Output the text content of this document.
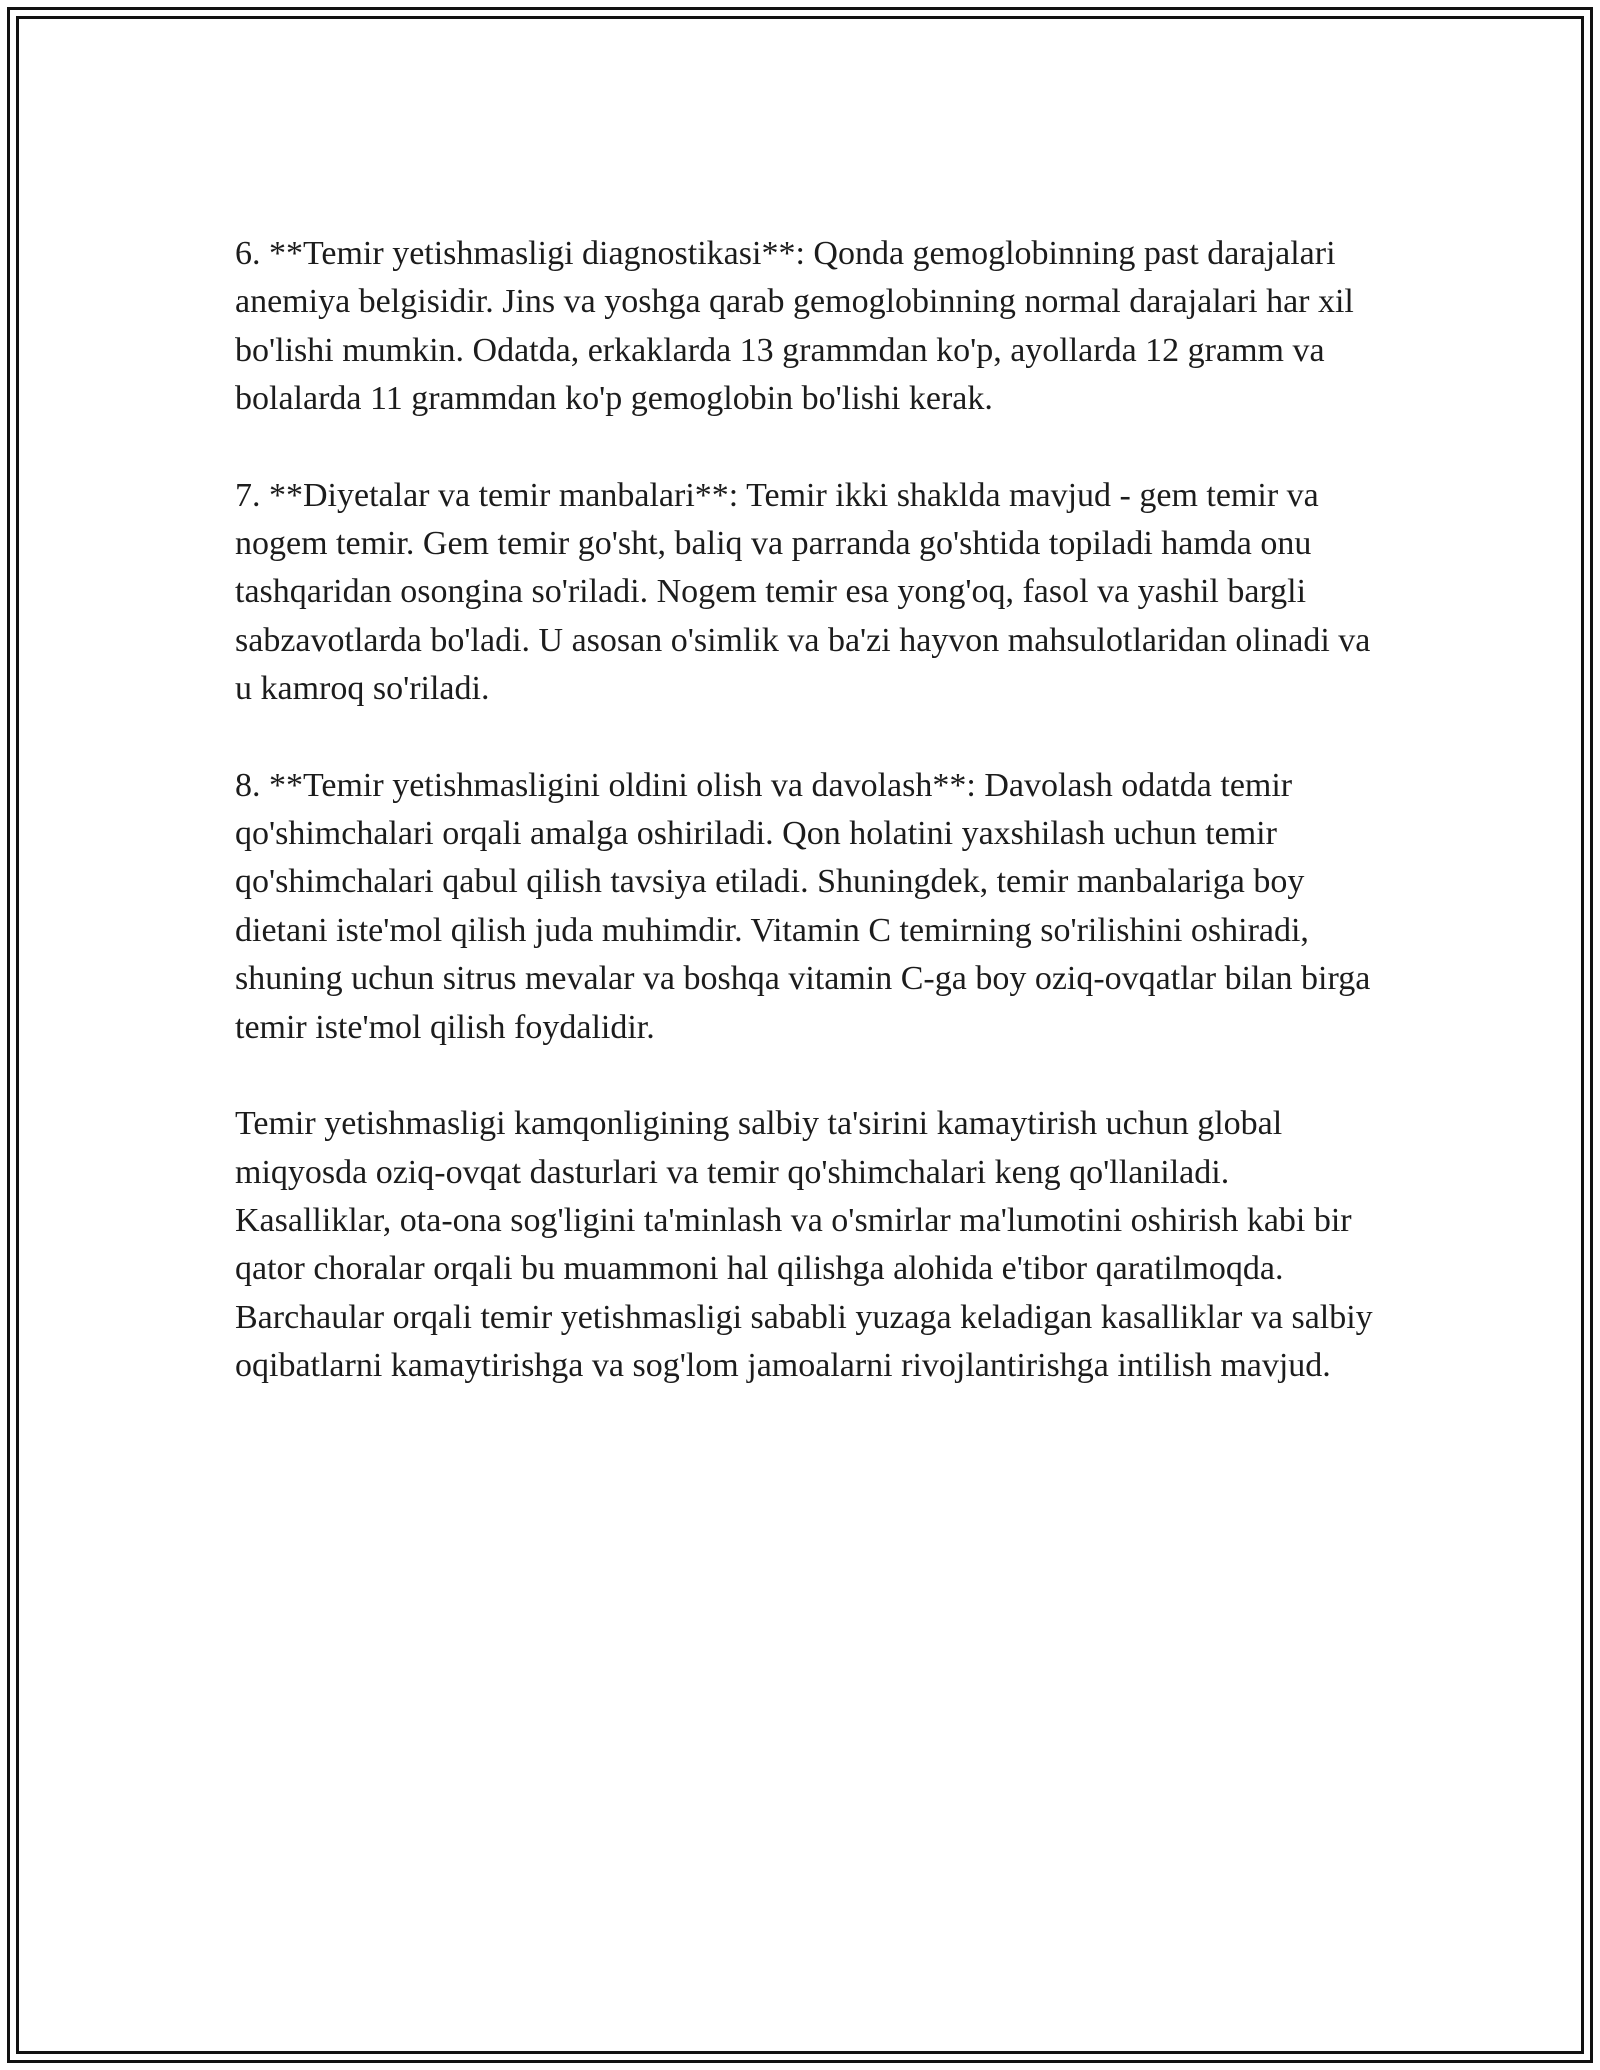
6. **Temir yetishmasligi diagnostikasi**: Qonda gemoglobinning past darajalari anemiya belgisidir. Jins va yoshga qarab gemoglobinning normal darajalari har xil bo'lishi mumkin. Odatda, erkaklarda 13 grammdan ko'p, ayollarda 12 gramm va bolalarda 11 grammdan ko'p gemoglobin bo'lishi kerak.

7. **Diyetalar va temir manbalari**: Temir ikki shaklda mavjud - gem temir va nogem temir. Gem temir go'sht, baliq va parranda go'shtida topiladi hamda onu tashqaridan osongina so'riladi. Nogem temir esa yong'oq, fasol va yashil bargli sabzavotlarda bo'ladi. U asosan o'simlik va ba'zi hayvon mahsulotlaridan olinadi va u kamroq so'riladi.

8. **Temir yetishmasligini oldini olish va davolash**: Davolash odatda temir qo'shimchalari orqali amalga oshiriladi. Qon holatini yaxshilash uchun temir qo'shimchalari qabul qilish tavsiya etiladi. Shuningdek, temir manbalariga boy dietani iste'mol qilish juda muhimdir. Vitamin C temirning so'rilishini oshiradi, shuning uchun sitrus mevalar va boshqa vitamin C-ga boy oziq-ovqatlar bilan birga temir iste'mol qilish foydalidir.

Temir yetishmasligi kamqonligining salbiy ta'sirini kamaytirish uchun global miqyosda oziq-ovqat dasturlari va temir qo'shimchalari keng qo'llaniladi. Kasalliklar, ota-ona sog'ligini ta'minlash va o'smirlar ma'lumotini oshirish kabi bir qator choralar orqali bu muammoni hal qilishga alohida e'tibor qaratilmoqda. Barchaular orqali temir yetishmasligi sababli yuzaga keladigan kasalliklar va salbiy oqibatlarni kamaytirishga va sog'lom jamoalarni rivojlantirishga intilish mavjud.
